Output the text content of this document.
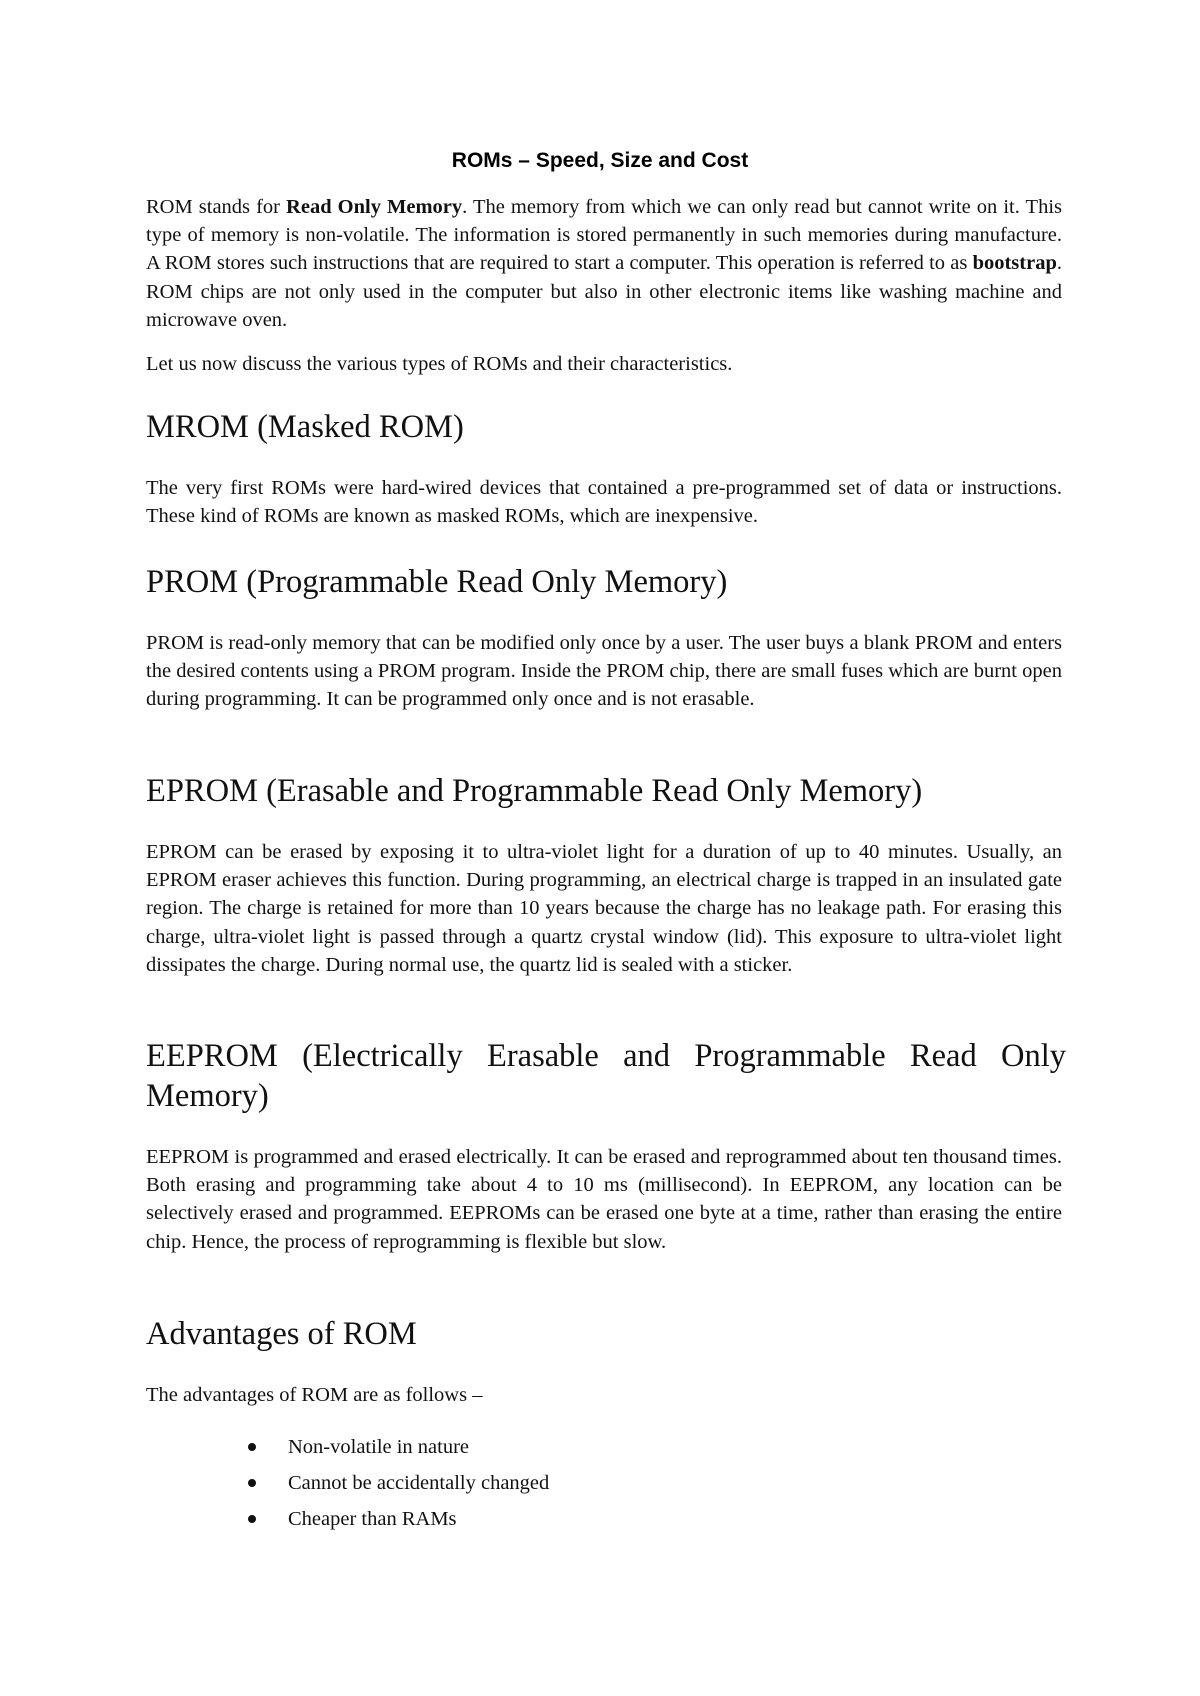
ROMs – Speed, Size and Cost

ROM stands for Read Only Memory. The memory from which we can only read but cannot write on it. This type of memory is non-volatile. The information is stored permanently in such memories during manufacture. A ROM stores such instructions that are required to start a computer. This operation is referred to as bootstrap. ROM chips are not only used in the computer but also in other electronic items like washing machine and microwave oven.

Let us now discuss the various types of ROMs and their characteristics.

MROM (Masked ROM)

The very first ROMs were hard-wired devices that contained a pre-programmed set of data or instructions. These kind of ROMs are known as masked ROMs, which are inexpensive.

PROM (Programmable Read Only Memory)

PROM is read-only memory that can be modified only once by a user. The user buys a blank PROM and enters the desired contents using a PROM program. Inside the PROM chip, there are small fuses which are burnt open during programming. It can be programmed only once and is not erasable.

EPROM (Erasable and Programmable Read Only Memory)

EPROM can be erased by exposing it to ultra-violet light for a duration of up to 40 minutes. Usually, an EPROM eraser achieves this function. During programming, an electrical charge is trapped in an insulated gate region. The charge is retained for more than 10 years because the charge has no leakage path. For erasing this charge, ultra-violet light is passed through a quartz crystal window (lid). This exposure to ultra-violet light dissipates the charge. During normal use, the quartz lid is sealed with a sticker.

EEPROM (Electrically Erasable and Programmable Read Only Memory)

EEPROM is programmed and erased electrically. It can be erased and reprogrammed about ten thousand times. Both erasing and programming take about 4 to 10 ms (millisecond). In EEPROM, any location can be selectively erased and programmed. EEPROMs can be erased one byte at a time, rather than erasing the entire chip. Hence, the process of reprogramming is flexible but slow.

Advantages of ROM

The advantages of ROM are as follows –

Non-volatile in nature
Cannot be accidentally changed
Cheaper than RAMs
